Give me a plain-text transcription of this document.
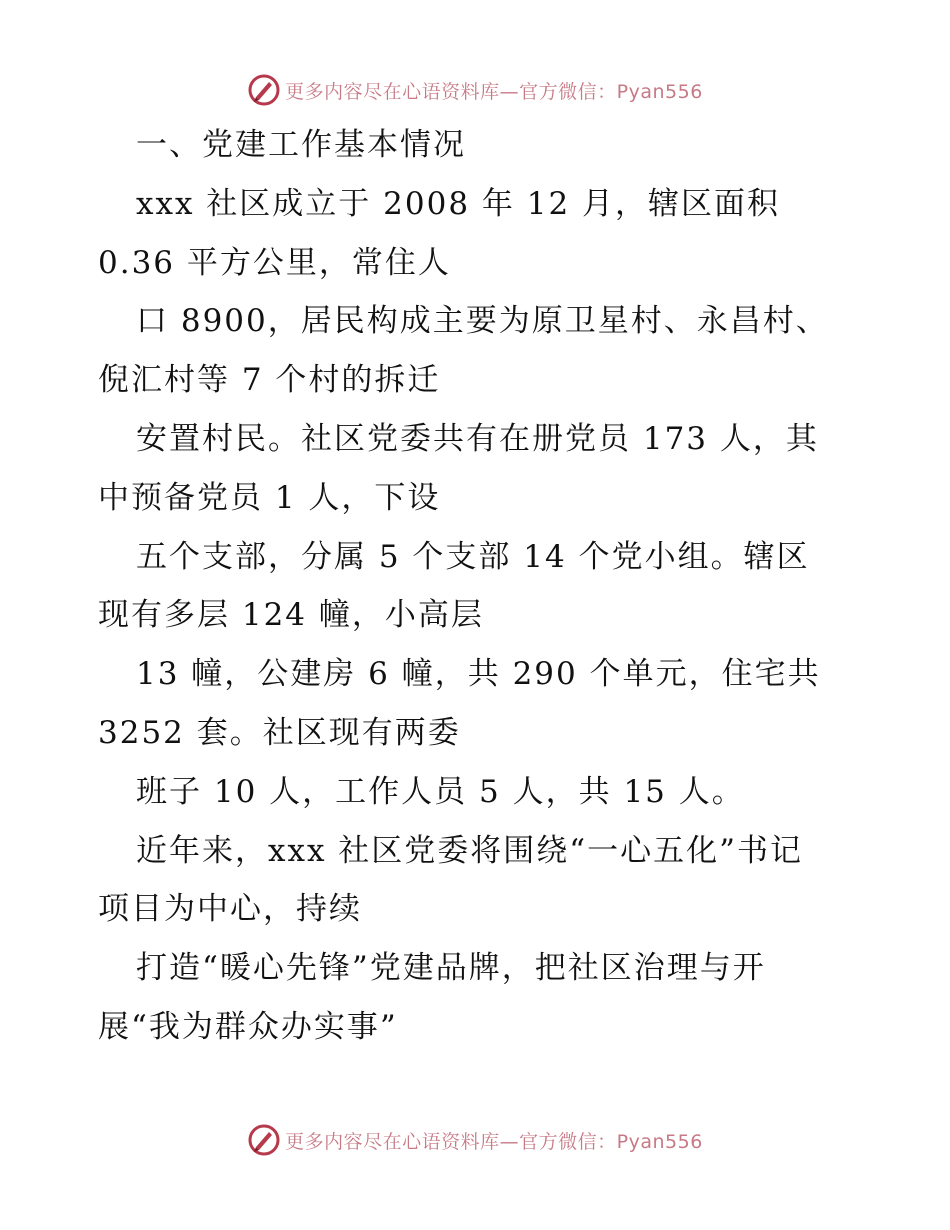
更多内容尽在心语资料库—官方微信：Pyan556
一、党建工作基本情况
xxx 社区成立于 2008 年 12 月，辖区面积
0.36 平方公里，常住人
口 8900，居民构成主要为原卫星村、永昌村、
倪汇村等 7 个村的拆迁
安置村民。社区党委共有在册党员 173 人，其
中预备党员 1 人，下设
五个支部，分属 5 个支部 14 个党小组。辖区
现有多层 124 幢，小高层
13 幢，公建房 6 幢，共 290 个单元，住宅共
3252 套。社区现有两委
班子 10 人，工作人员 5 人，共 15 人。
近年来，xxx 社区党委将围绕“一心五化”书记
项目为中心，持续
打造“暖心先锋”党建品牌，把社区治理与开
展“我为群众办实事”
更多内容尽在心语资料库—官方微信：Pyan556
